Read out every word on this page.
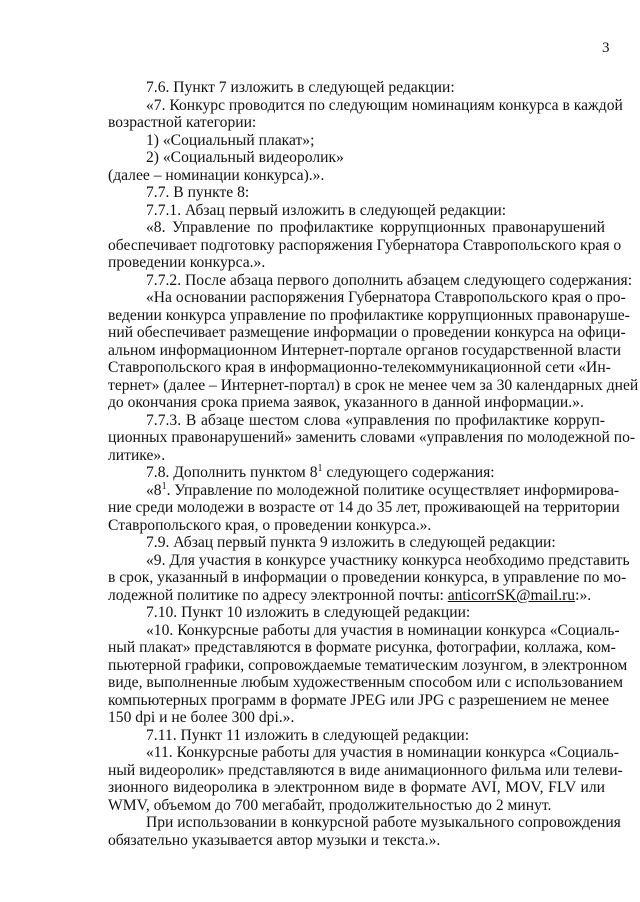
3
7.6. Пункт 7 изложить в следующей редакции:
«7. Конкурс проводится по следующим номинациям конкурса в каждой
возрастной категории:
1) «Социальный плакат»;
2) «Социальный видеоролик»
(далее – номинации конкурса).».
7.7. В пункте 8:
7.7.1. Абзац первый изложить в следующей редакции:
«8. Управление по профилактике коррупционных правонарушений
обеспечивает подготовку распоряжения Губернатора Ставропольского края о
проведении конкурса.».
7.7.2. После абзаца первого дополнить абзацем следующего содержания:
«На основании распоряжения Губернатора Ставропольского края о про-
ведении конкурса управление по профилактике коррупционных правонаруше-
ний обеспечивает размещение информации о проведении конкурса на офици-
альном информационном Интернет-портале органов государственной власти
Ставропольского края в информационно-телекоммуникационной сети «Ин-
тернет» (далее – Интернет-портал) в срок не менее чем за 30 календарных дней
до окончания срока приема заявок, указанного в данной информации.».
7.7.3. В абзаце шестом слова «управления по профилактике корруп-
ционных правонарушений» заменить словами «управления по молодежной по-
литике».
7.8. Дополнить пунктом $8^1$ следующего содержания:
«$8^1$. Управление по молодежной политике осуществляет информирова-
ние среди молодежи в возрасте от 14 до 35 лет, проживающей на территории
Ставропольского края, о проведении конкурса.».
7.9. Абзац первый пункта 9 изложить в следующей редакции:
«9. Для участия в конкурсе участнику конкурса необходимо представить
в срок, указанный в информации о проведении конкурса, в управление по мо-
лодежной политике по адресу электронной почты: anticorrSK@mail.ru:».
7.10. Пункт 10 изложить в следующей редакции:
«10. Конкурсные работы для участия в номинации конкурса «Социаль-
ный плакат» представляются в формате рисунка, фотографии, коллажа, ком-
пьютерной графики, сопровождаемые тематическим лозунгом, в электронном
виде, выполненные любым художественным способом или с использованием
компьютерных программ в формате JPEG или JPG с разрешением не менее
150 dpi и не более 300 dpi.».
7.11. Пункт 11 изложить в следующей редакции:
«11. Конкурсные работы для участия в номинации конкурса «Социаль-
ный видеоролик» представляются в виде анимационного фильма или телеви-
зионного видеоролика в электронном виде в формате AVI, MOV, FLV или
WMV, объемом до 700 мегабайт, продолжительностью до 2 минут.
При использовании в конкурсной работе музыкального сопровождения
обязательно указывается автор музыки и текста.».
